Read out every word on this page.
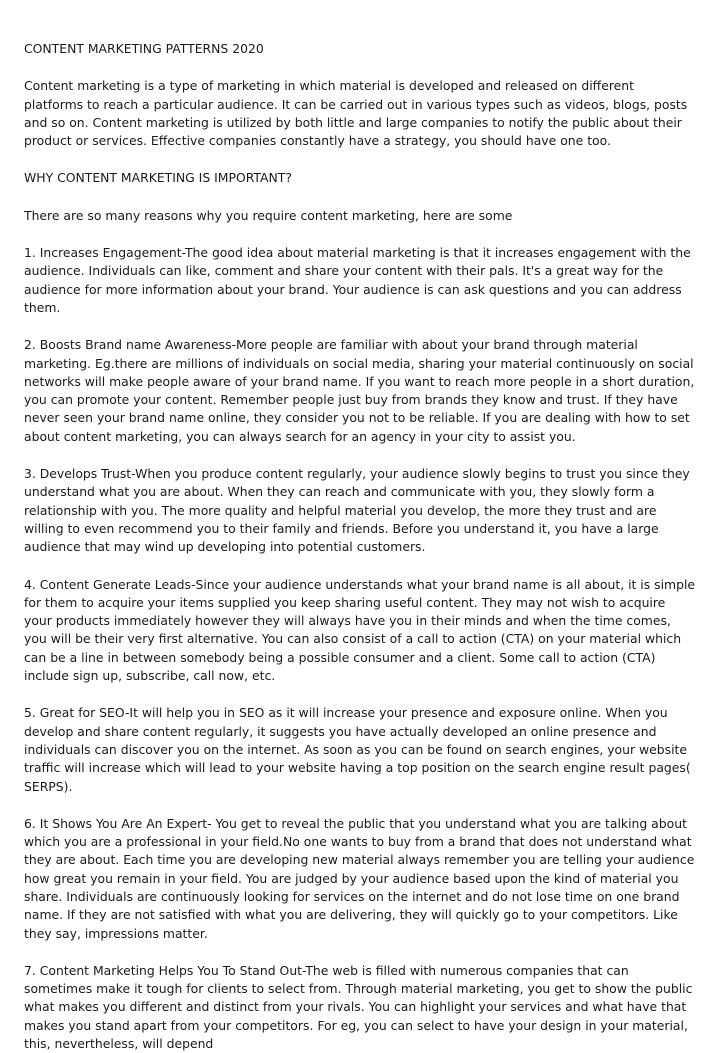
CONTENT MARKETING PATTERNS 2020

Content marketing is a type of marketing in which material is developed and released on different platforms to reach a particular audience. It can be carried out in various types such as videos, blogs, posts and so on. Content marketing is utilized by both little and large companies to notify the public about their product or services. Effective companies constantly have a strategy, you should have one too.

WHY CONTENT MARKETING IS IMPORTANT?

There are so many reasons why you require content marketing, here are some

1. Increases Engagement-The good idea about material marketing is that it increases engagement with the audience. Individuals can like, comment and share your content with their pals. It's a great way for the audience for more information about your brand. Your audience is can ask questions and you can address them.

2. Boosts Brand name Awareness-More people are familiar with about your brand through material marketing. Eg.there are millions of individuals on social media, sharing your material continuously on social networks will make people aware of your brand name. If you want to reach more people in a short duration, you can promote your content. Remember people just buy from brands they know and trust. If they have never seen your brand name online, they consider you not to be reliable. If you are dealing with how to set about content marketing, you can always search for an agency in your city to assist you.

3. Develops Trust-When you produce content regularly, your audience slowly begins to trust you since they understand what you are about. When they can reach and communicate with you, they slowly form a relationship with you. The more quality and helpful material you develop, the more they trust and are willing to even recommend you to their family and friends. Before you understand it, you have a large audience that may wind up developing into potential customers.

4. Content Generate Leads-Since your audience understands what your brand name is all about, it is simple for them to acquire your items supplied you keep sharing useful content. They may not wish to acquire your products immediately however they will always have you in their minds and when the time comes, you will be their very first alternative. You can also consist of a call to action (CTA) on your material which can be a line in between somebody being a possible consumer and a client. Some call to action (CTA) include sign up, subscribe, call now, etc.

5. Great for SEO-It will help you in SEO as it will increase your presence and exposure online. When you develop and share content regularly, it suggests you have actually developed an online presence and individuals can discover you on the internet. As soon as you can be found on search engines, your website traffic will increase which will lead to your website having a top position on the search engine result pages( SERPS).

6. It Shows You Are An Expert- You get to reveal the public that you understand what you are talking about which you are a professional in your field.No one wants to buy from a brand that does not understand what they are about. Each time you are developing new material always remember you are telling your audience how great you remain in your field. You are judged by your audience based upon the kind of material you share. Individuals are continuously looking for services on the internet and do not lose time on one brand name. If they are not satisfied with what you are delivering, they will quickly go to your competitors. Like they say, impressions matter.

7. Content Marketing Helps You To Stand Out-The web is filled with numerous companies that can sometimes make it tough for clients to select from. Through material marketing, you get to show the public what makes you different and distinct from your rivals. You can highlight your services and what have that makes you stand apart from your competitors. For eg, you can select to have your design in your material, this, nevertheless, will depend
